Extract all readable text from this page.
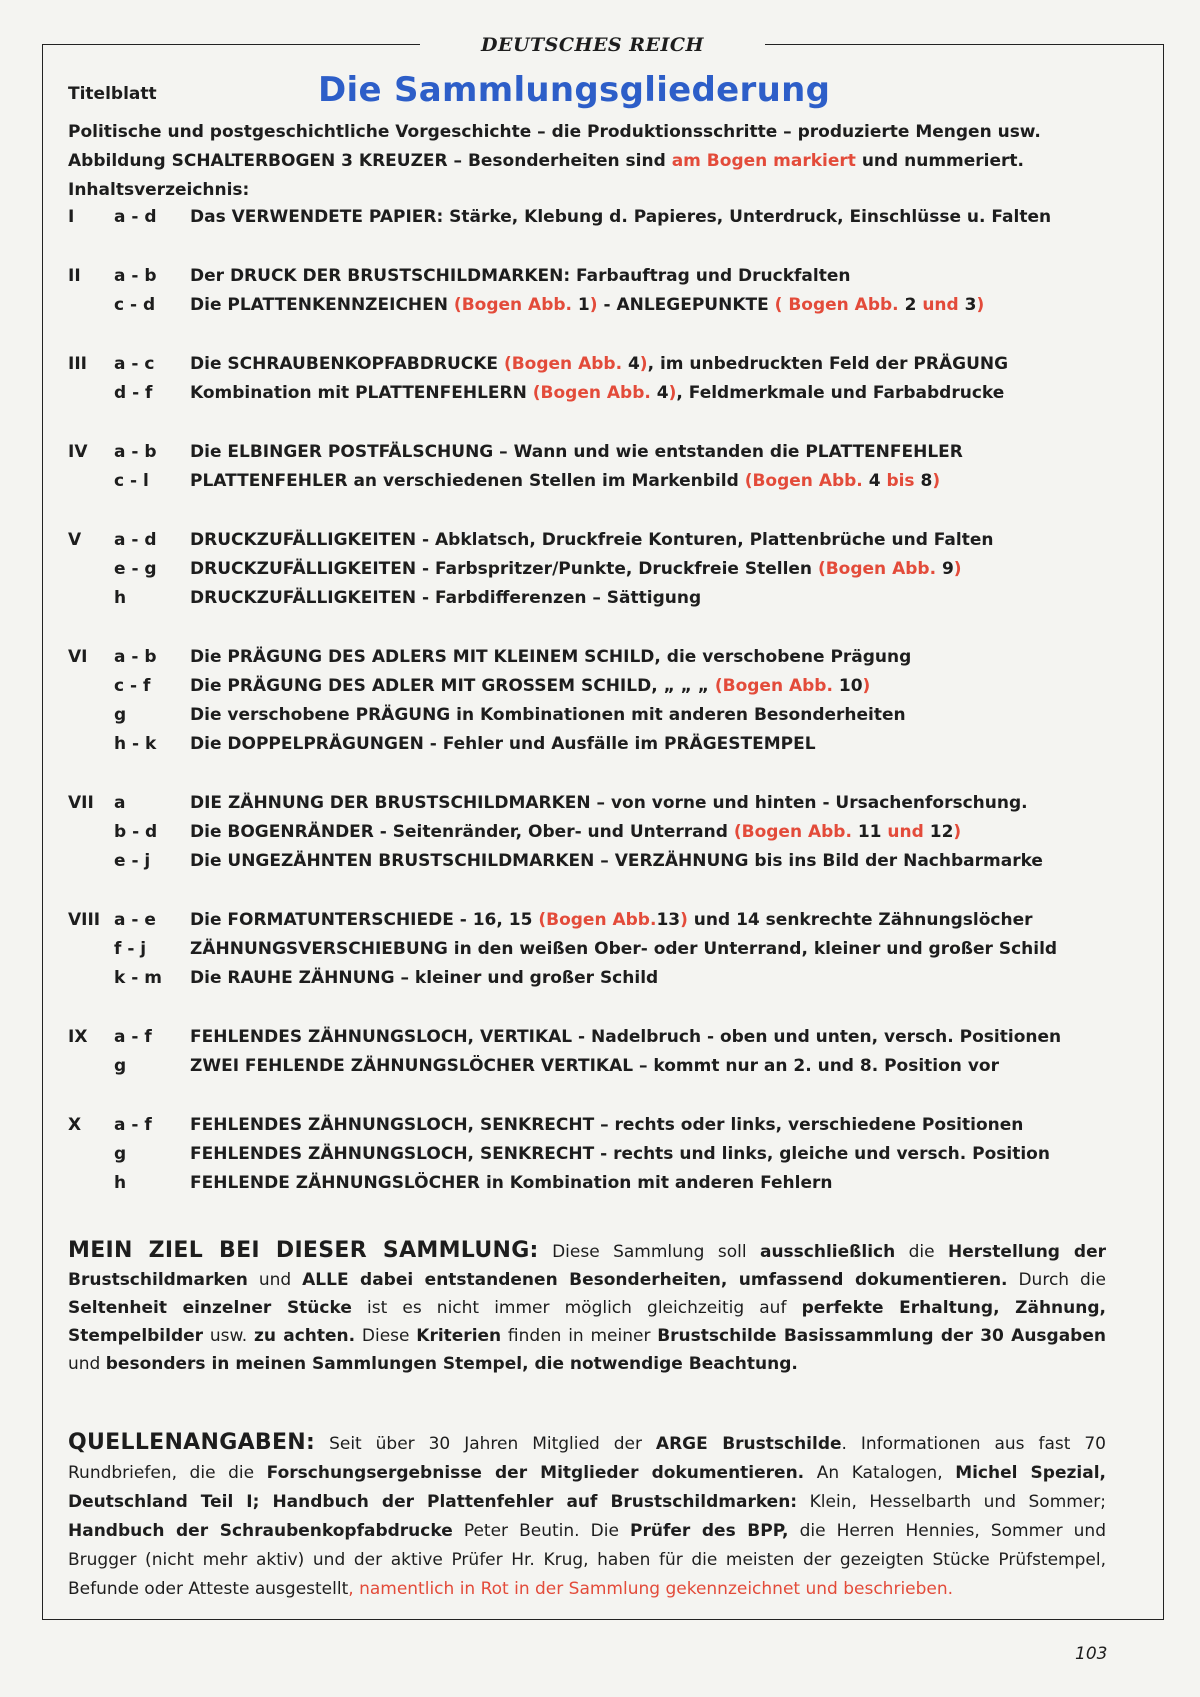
DEUTSCHES REICH
Titelblatt	Die Sammlungsgliederung
Politische und postgeschichtliche Vorgeschichte – die Produktionsschritte – produzierte Mengen usw.
Abbildung SCHALTERBOGEN 3 KREUZER – Besonderheiten sind am Bogen markiert und nummeriert.
Inhaltsverzeichnis:
I	a - d	Das VERWENDETE PAPIER: Stärke, Klebung d. Papieres, Unterdruck, Einschlüsse u. Falten
II	a - b	Der DRUCK DER BRUSTSCHILDMARKEN: Farbauftrag und Druckfalten
c - d	Die PLATTENKENNZEICHEN (Bogen Abb. 1) - ANLEGEPUNKTE ( Bogen Abb. 2 und 3)
III	a - c	Die SCHRAUBENKOPFABDRUCKE (Bogen Abb. 4), im unbedruckten Feld der PRÄGUNG
d - f	Kombination mit PLATTENFEHLERN (Bogen Abb. 4), Feldmerkmale und Farbabdrucke
IV	a - b	Die ELBINGER POSTFÄLSCHUNG – Wann und wie entstanden die PLATTENFEHLER
c - l	PLATTENFEHLER an verschiedenen Stellen im Markenbild (Bogen Abb. 4 bis 8)
V	a - d	DRUCKZUFÄLLIGKEITEN - Abklatsch, Druckfreie Konturen, Plattenbrüche und Falten
e - g	DRUCKZUFÄLLIGKEITEN - Farbspritzer/Punkte, Druckfreie Stellen (Bogen Abb. 9)
h	DRUCKZUFÄLLIGKEITEN - Farbdifferenzen – Sättigung
VI	a - b	Die PRÄGUNG DES ADLERS MIT KLEINEM SCHILD, die verschobene Prägung
c - f	Die PRÄGUNG DES ADLER MIT GROSSEM SCHILD, „ „ „ (Bogen Abb. 10)
g	Die verschobene PRÄGUNG in Kombinationen mit anderen Besonderheiten
h - k	Die DOPPELPRÄGUNGEN - Fehler und Ausfälle im PRÄGESTEMPEL
VII	a	DIE ZÄHNUNG DER BRUSTSCHILDMARKEN – von vorne und hinten - Ursachenforschung.
b - d	Die BOGENRÄNDER - Seitenränder, Ober- und Unterrand (Bogen Abb. 11 und 12)
e - j	Die UNGEZÄHNTEN BRUSTSCHILDMARKEN – VERZÄHNUNG bis ins Bild der Nachbarmarke
VIII a - e	Die FORMATUNTERSCHIEDE - 16, 15 (Bogen Abb.13) und 14 senkrechte Zähnungslöcher
f - j	ZÄHNUNGSVERSCHIEBUNG in den weißen Ober- oder Unterrand, kleiner und großer Schild
k - m	Die RAUHE ZÄHNUNG – kleiner und großer Schild
IX	a - f	FEHLENDES ZÄHNUNGSLOCH, VERTIKAL - Nadelbruch - oben und unten, versch. Positionen
g	ZWEI FEHLENDE ZÄHNUNGSLÖCHER VERTIKAL – kommt nur an 2. und 8. Position vor
X	a - f	FEHLENDES ZÄHNUNGSLOCH, SENKRECHT – rechts oder links, verschiedene Positionen
g	FEHLENDES ZÄHNUNGSLOCH, SENKRECHT - rechts und links, gleiche und versch. Position
h	FEHLENDE ZÄHNUNGSLÖCHER in Kombination mit anderen Fehlern
MEIN ZIEL BEI DIESER SAMMLUNG: Diese Sammlung soll ausschließlich die Herstellung der Brustschildmarken und ALLE dabei entstandenen Besonderheiten, umfassend dokumentieren. Durch die Seltenheit einzelner Stücke ist es nicht immer möglich gleichzeitig auf perfekte Erhaltung, Zähnung, Stempelbilder usw. zu achten. Diese Kriterien finden in meiner Brustschilde Basissammlung der 30 Ausgaben und besonders in meinen Sammlungen Stempel, die notwendige Beachtung.
QUELLENANGABEN: Seit über 30 Jahren Mitglied der ARGE Brustschilde. Informationen aus fast 70 Rundbriefen, die die Forschungsergebnisse der Mitglieder dokumentieren. An Katalogen, Michel Spezial, Deutschland Teil I; Handbuch der Plattenfehler auf Brustschildmarken: Klein, Hesselbarth und Sommer; Handbuch der Schraubenkopfabdrucke Peter Beutin. Die Prüfer des BPP, die Herren Hennies, Sommer und Brugger (nicht mehr aktiv) und der aktive Prüfer Hr. Krug, haben für die meisten der gezeigten Stücke Prüfstempel, Befunde oder Atteste ausgestellt, namentlich in Rot in der Sammlung gekennzeichnet und beschrieben.
103
